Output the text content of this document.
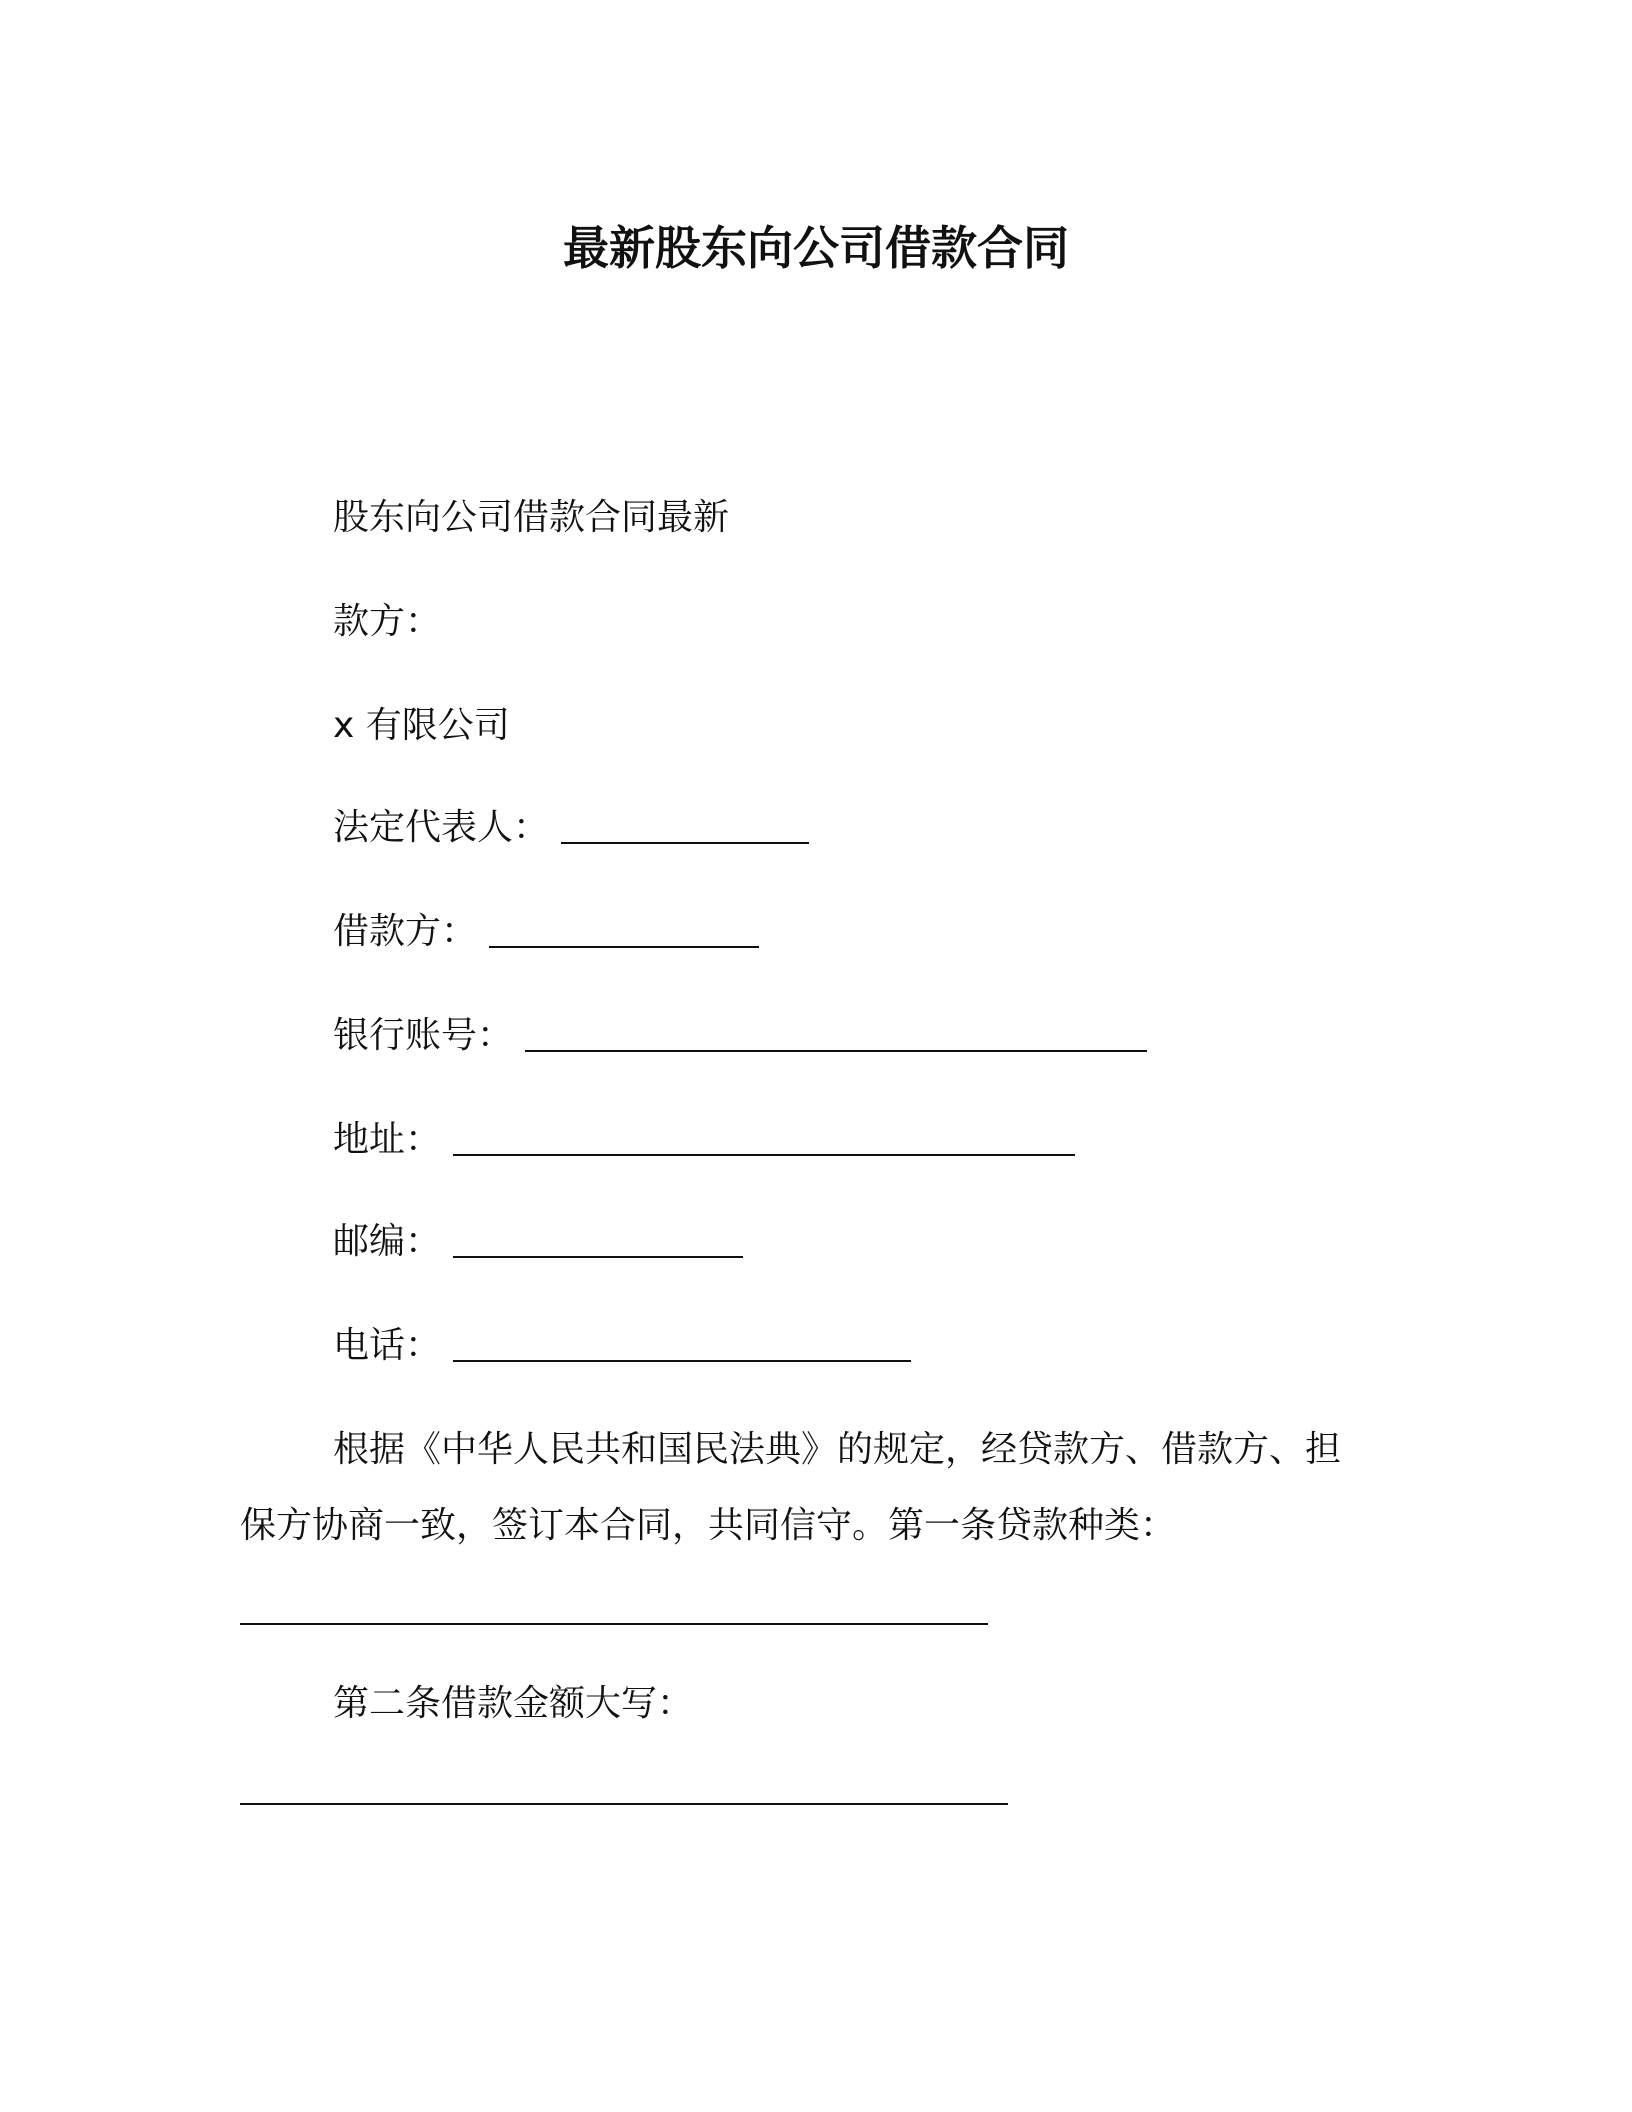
最新股东向公司借款合同
股东向公司借款合同最新
款方：
x 有限公司
法定代表人：
借款方：
银行账号：
地址：
邮编：
电话：
根据《中华人民共和国民法典》的规定，经贷款方、借款方、担
保方协商一致，签订本合同，共同信守。第一条贷款种类：
第二条借款金额大写：
